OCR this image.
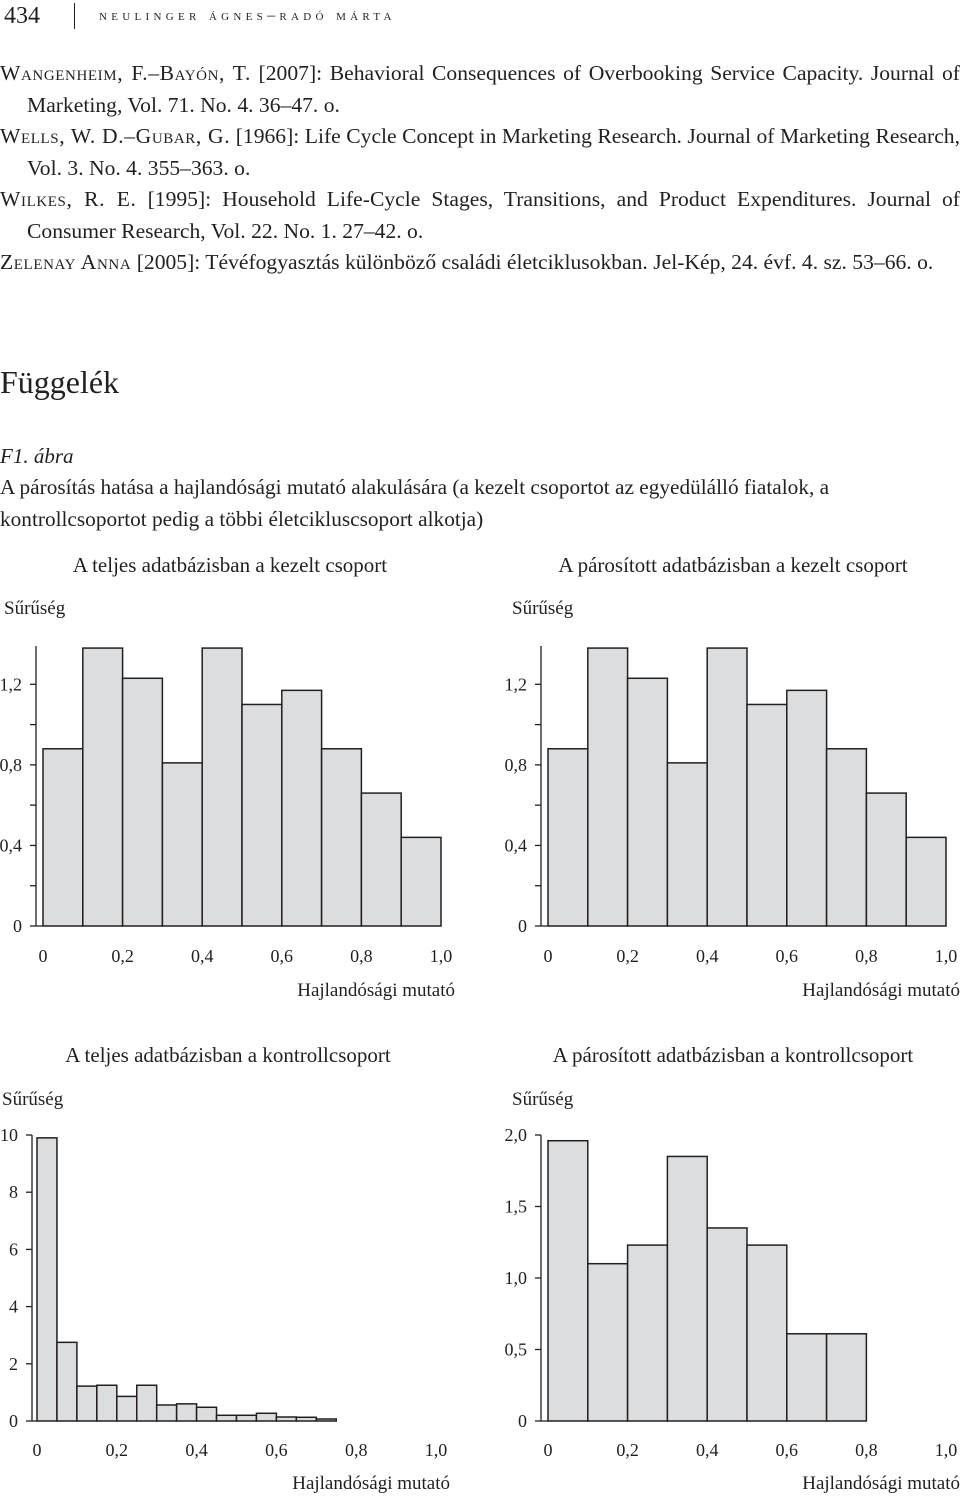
434	neulinger ágnes–radó márta
Wangenheim, F.–Bayón, T. [2007]: Behavioral Consequences of Overbooking Service Capacity. Journal of Marketing, Vol. 71. No. 4. 36–47. o.
Wells, W. D.–Gubar, G. [1966]: Life Cycle Concept in Marketing Research. Journal of Marketing Research, Vol. 3. No. 4. 355–363. o.
Wilkes, R. E. [1995]: Household Life-Cycle Stages, Transitions, and Product Expenditures. Journal of Consumer Research, Vol. 22. No. 1. 27–42. o.
Zelenay Anna [2005]: Tévéfogyasztás különböző családi életciklusokban. Jel-Kép, 24. évf. 4. sz. 53–66. o.
Függelék
F1. ábra
A párosítás hatása a hajlandósági mutató alakulására (a kezelt csoportot az egyedülálló fiatalok, a kontrollcsoportot pedig a többi életcikluscsoport alkotja)
A teljes adatbázisban a kezelt csoport
Sűrűség
0
0,4
0,8
1,2
0	0,2	0,4	0,6	0,8	1,0
Hajlandósági mutató
A párosított adatbázisban a kezelt csoport
Sűrűség
0
0,4
0,8
1,2
0	0,2	0,4	0,6	0,8	1,0
Hajlandósági mutató
A teljes adatbázisban a kontrollcsoport
Sűrűség
0
2
4
6
8
10
0	0,2	0,4	0,6	0,8	1,0
Hajlandósági mutató
A párosított adatbázisban a kontrollcsoport
Sűrűség
0
0,5
1,0
1,5
2,0
0	0,2	0,4	0,6	0,8	1,0
Hajlandósági mutató
